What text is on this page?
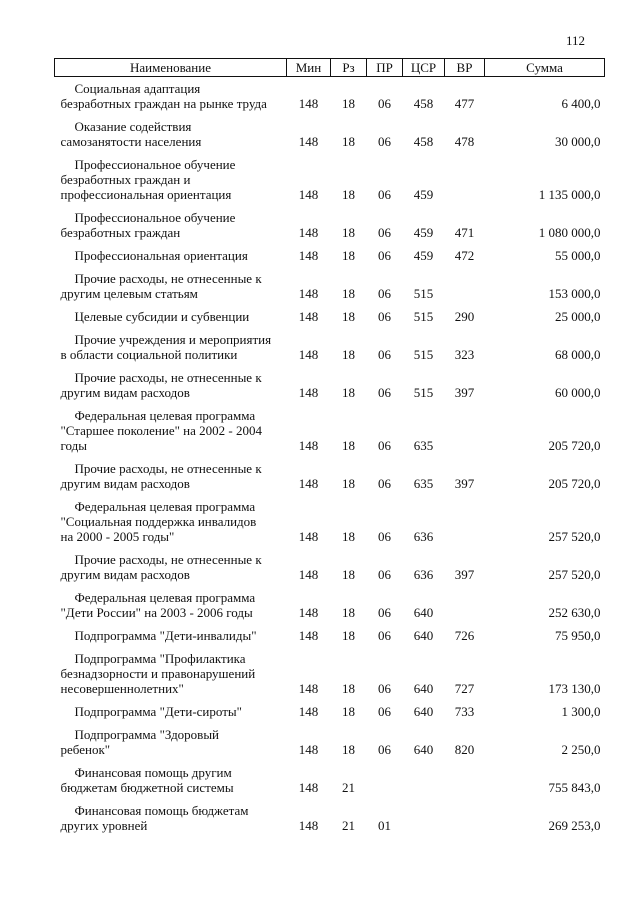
112
Наименование	Мин	Рз	ПР	ЦСР	ВР	Сумма

Социальная адаптация
безработных граждан на рынке труда	148	18	06	458	477	6 400,0

Оказание содействия
самозанятости населения	148	18	06	458	478	30 000,0

Профессиональное обучение
безработных граждан и
профессиональная ориентация	148	18	06	459		1 135 000,0

Профессиональное обучение
безработных граждан	148	18	06	459	471	1 080 000,0

Профессиональная ориентация	148	18	06	459	472	55 000,0

Прочие расходы, не отнесенные к
другим целевым статьям	148	18	06	515		153 000,0

Целевые субсидии и субвенции	148	18	06	515	290	25 000,0

Прочие учреждения и мероприятия
в области социальной политики	148	18	06	515	323	68 000,0

Прочие расходы, не отнесенные к
другим видам расходов	148	18	06	515	397	60 000,0

Федеральная целевая программа
"Старшее поколение" на 2002 - 2004
годы	148	18	06	635		205 720,0

Прочие расходы, не отнесенные к
другим видам расходов	148	18	06	635	397	205 720,0

Федеральная целевая программа
"Социальная поддержка инвалидов
на 2000 - 2005 годы"	148	18	06	636		257 520,0

Прочие расходы, не отнесенные к
другим видам расходов	148	18	06	636	397	257 520,0

Федеральная целевая программа
"Дети России" на 2003 - 2006 годы	148	18	06	640		252 630,0

Подпрограмма "Дети-инвалиды"	148	18	06	640	726	75 950,0

Подпрограмма "Профилактика
безнадзорности и правонарушений
несовершеннолетних"	148	18	06	640	727	173 130,0

Подпрограмма "Дети-сироты"	148	18	06	640	733	1 300,0

Подпрограмма "Здоровый
ребенок"	148	18	06	640	820	2 250,0

Финансовая помощь другим
бюджетам бюджетной системы	148	21				755 843,0

Финансовая помощь бюджетам
других уровней	148	21	01			269 253,0
